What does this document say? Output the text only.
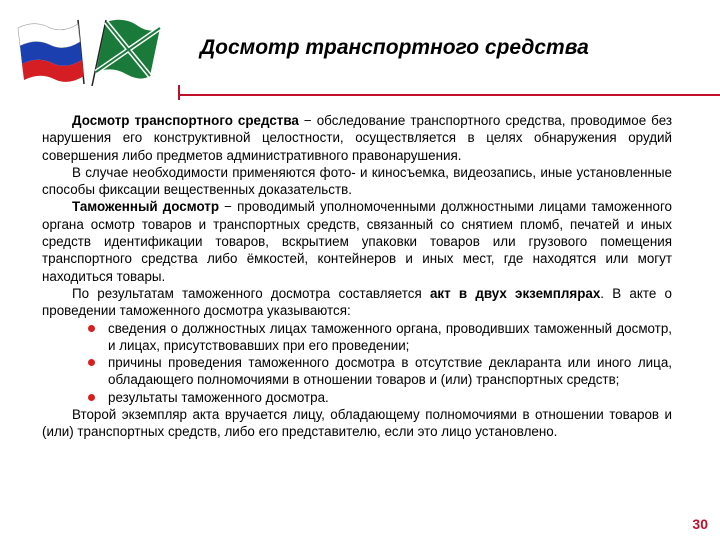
Досмотр транспортного средства

Досмотр транспортного средства − обследование транспортного средства, проводимое без нарушения его конструктивной целостности, осуществляется в целях обнаружения орудий совершения либо предметов административного правонарушения.

В случае необходимости применяются фото- и киносъемка, видеозапись, иные установленные способы фиксации вещественных доказательств.

Таможенный досмотр − проводимый уполномоченными должностными лицами таможенного органа осмотр товаров и транспортных средств, связанный со снятием пломб, печатей и иных средств идентификации товаров, вскрытием упаковки товаров или грузового помещения транспортного средства либо ёмкостей, контейнеров и иных мест, где находятся или могут находиться товары.

По результатам таможенного досмотра составляется акт в двух экземплярах. В акте о проведении таможенного досмотра указываются:

сведения о должностных лицах таможенного органа, проводивших таможенный досмотр, и лицах, присутствовавших при его проведении;
причины проведения таможенного досмотра в отсутствие декларанта или иного лица, обладающего полномочиями в отношении товаров и (или) транспортных средств;
результаты таможенного досмотра.

Второй экземпляр акта вручается лицу, обладающему полномочиями в отношении товаров и (или) транспортных средств, либо его представителю, если это лицо установлено.

30
